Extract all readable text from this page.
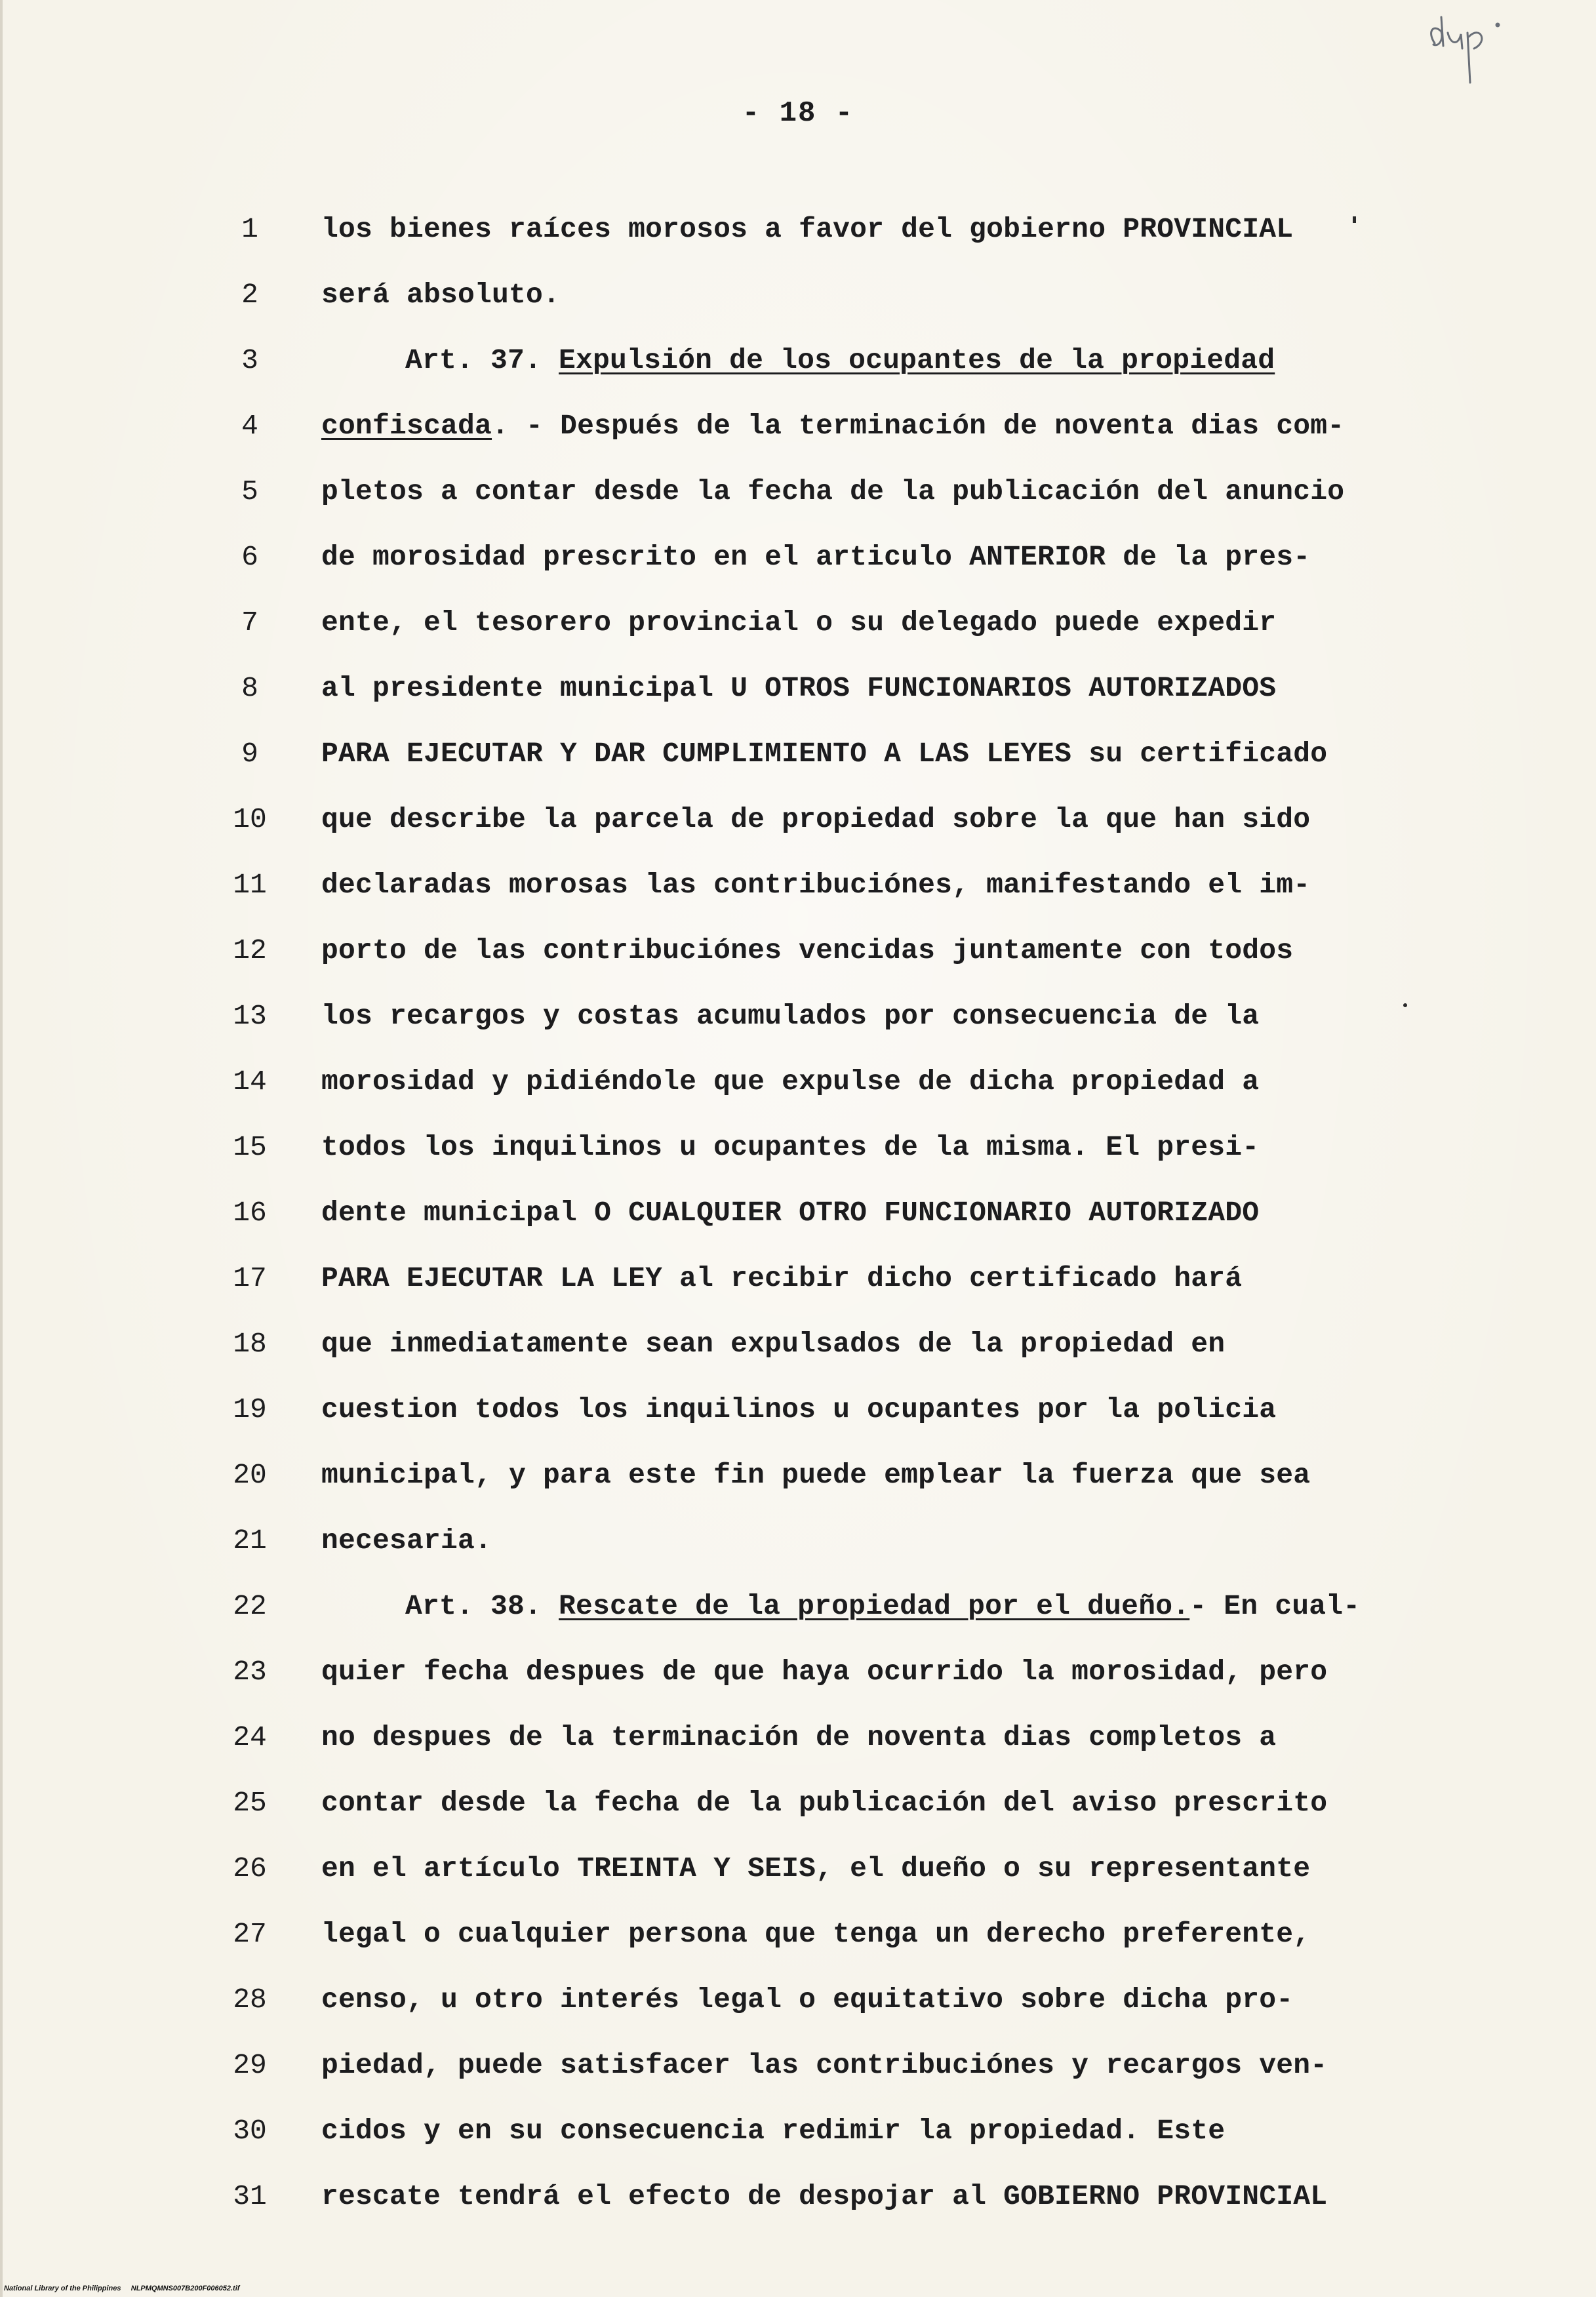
- 18 -
1	los bienes raíces morosos a favor del gobierno PROVINCIAL
2	será absoluto.
3	Art. 37. Expulsión de los ocupantes de la propiedad
4	confiscada. - Después de la terminación de noventa dias com-
5	pletos a contar desde la fecha de la publicación del anuncio
6	de morosidad prescrito en el articulo ANTERIOR de la pres-
7	ente, el tesorero provincial o su delegado puede expedir
8	al presidente municipal U OTROS FUNCIONARIOS AUTORIZADOS
9	PARA EJECUTAR Y DAR CUMPLIMIENTO A LAS LEYES su certificado
10	que describe la parcela de propiedad sobre la que han sido
11	declaradas morosas las contribuciónes, manifestando el im-
12	porto de las contribuciónes vencidas juntamente con todos
13	los recargos y costas acumulados por consecuencia de la
14	morosidad y pidiéndole que expulse de dicha propiedad a
15	todos los inquilinos u ocupantes de la misma. El presi-
16	dente municipal O CUALQUIER OTRO FUNCIONARIO AUTORIZADO
17	PARA EJECUTAR LA LEY al recibir dicho certificado hará
18	que inmediatamente sean expulsados de la propiedad en
19	cuestion todos los inquilinos u ocupantes por la policia
20	municipal, y para este fin puede emplear la fuerza que sea
21	necesaria.
22	Art. 38. Rescate de la propiedad por el dueño.- En cual-
23	quier fecha despues de que haya ocurrido la morosidad, pero
24	no despues de la terminación de noventa dias completos a
25	contar desde la fecha de la publicación del aviso prescrito
26	en el artículo TREINTA Y SEIS, el dueño o su representante
27	legal o cualquier persona que tenga un derecho preferente,
28	censo, u otro interés legal o equitativo sobre dicha pro-
29	piedad, puede satisfacer las contribuciónes y recargos ven-
30	cidos y en su consecuencia redimir la propiedad. Este
31	rescate tendrá el efecto de despojar al GOBIERNO PROVINCIAL
National Library of the Philippines NLPMQMNS007B200F006052.tif
